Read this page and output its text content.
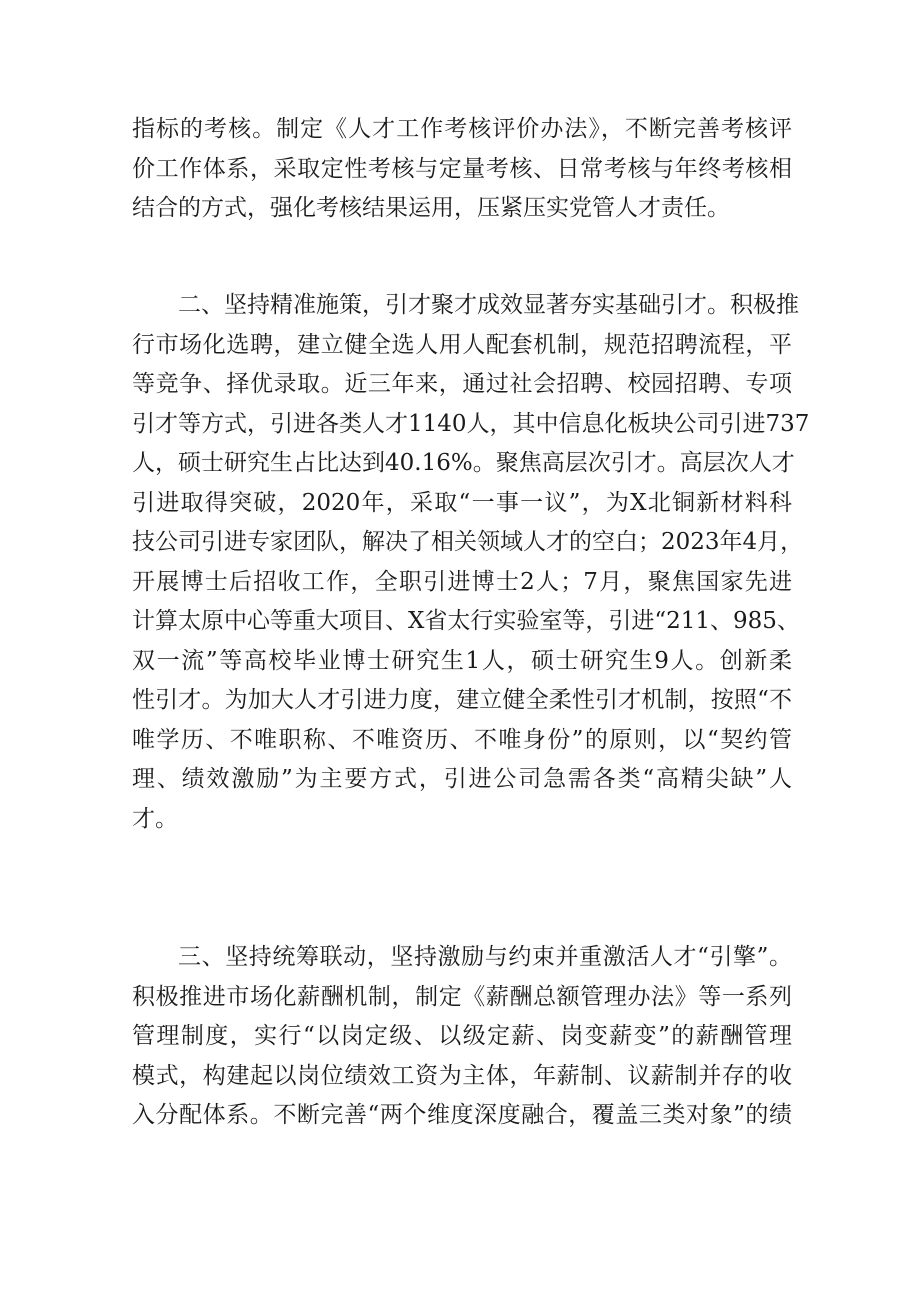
指标的考核。制定《人才工作考核评价办法》，不断完善考核评
价工作体系，采取定性考核与定量考核、日常考核与年终考核相
结合的方式，强化考核结果运用，压紧压实党管人才责任。
二、坚持精准施策，引才聚才成效显著夯实基础引才。积极推
行市场化选聘，建立健全选人用人配套机制，规范招聘流程，平
等竞争、择优录取。近三年来，通过社会招聘、校园招聘、专项
引才等方式，引进各类人才1140人，其中信息化板块公司引进737
人，硕士研究生占比达到40.16%。聚焦高层次引才。高层次人才
引进取得突破，2020年，采取“一事一议”，为X北铜新材料科
技公司引进专家团队，解决了相关领域人才的空白；2023年4月，
开展博士后招收工作，全职引进博士2人；7月，聚焦国家先进
计算太原中心等重大项目、X省太行实验室等，引进“211、985、
双一流”等高校毕业博士研究生1人，硕士研究生9人。创新柔
性引才。为加大人才引进力度，建立健全柔性引才机制，按照“不
唯学历、不唯职称、不唯资历、不唯身份”的原则，以“契约管
理、绩效激励”为主要方式，引进公司急需各类“高精尖缺”人
才。
三、坚持统筹联动，坚持激励与约束并重激活人才“引擎”。
积极推进市场化薪酬机制，制定《薪酬总额管理办法》等一系列
管理制度，实行“以岗定级、以级定薪、岗变薪变”的薪酬管理
模式，构建起以岗位绩效工资为主体，年薪制、议薪制并存的收
入分配体系。不断完善“两个维度深度融合，覆盖三类对象”的绩
